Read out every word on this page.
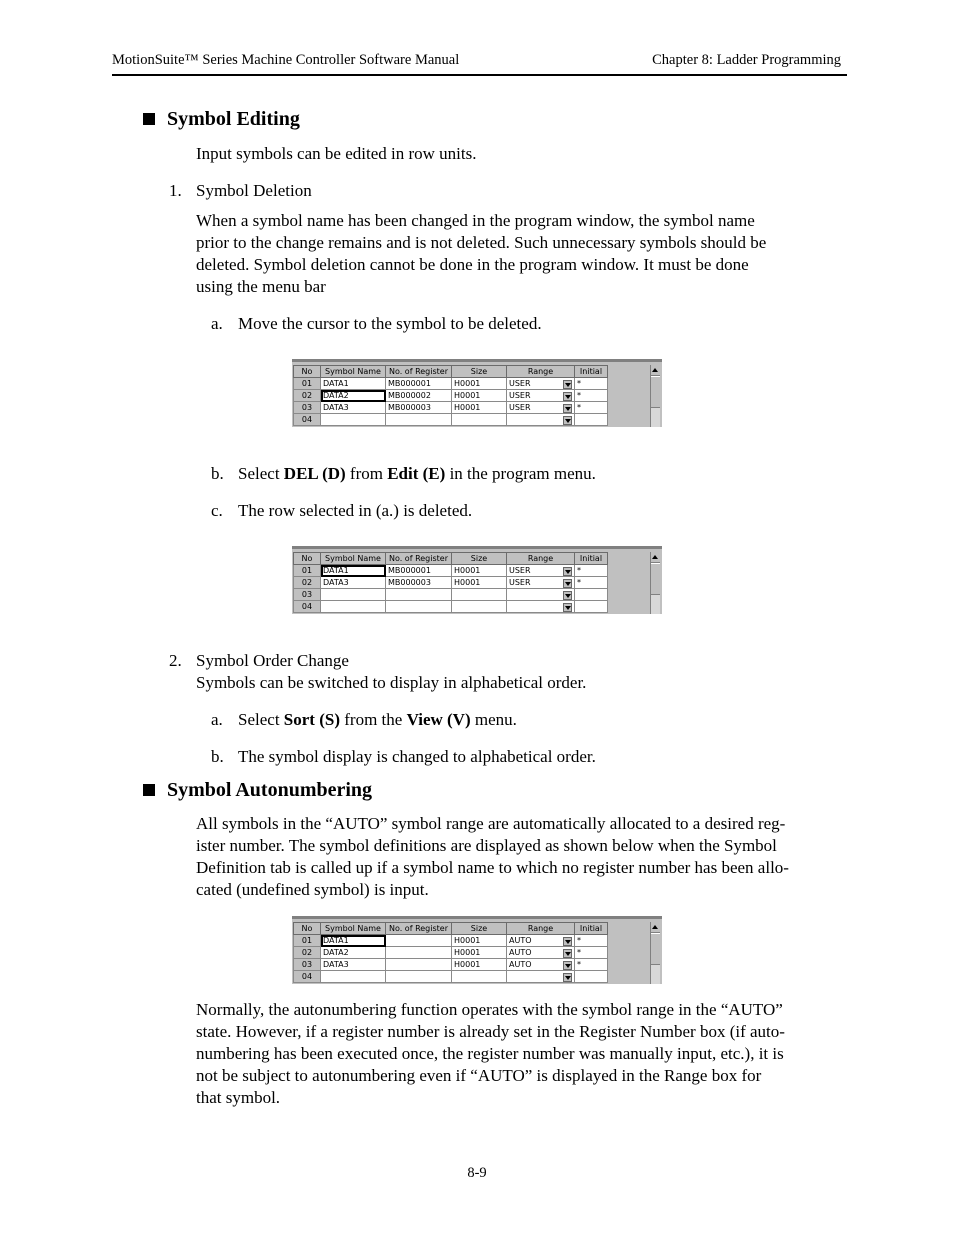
MotionSuite™ Series Machine Controller Software Manual	Chapter 8: Ladder Programming
Symbol Editing
Input symbols can be edited in row units.
1. Symbol Deletion
When a symbol name has been changed in the program window, the symbol name
prior to the change remains and is not deleted. Such unnecessary symbols should be
deleted. Symbol deletion cannot be done in the program window. It must be done
using the menu bar
a. Move the cursor to the symbol to be deleted.
No	Symbol Name	No. of Register	Size	Range	Initial
01	DATA1	MB000001	H0001	USER	*
02	DATA2	MB000002	H0001	USER	*
03	DATA3	MB000003	H0001	USER	*
04				

b. Select DEL (D) from Edit (E) in the program menu.
c. The row selected in (a.) is deleted.
No	Symbol Name	No. of Register	Size	Range	Initial
01	DATA1	MB000001	H0001	USER	*
02	DATA3	MB000003	H0001	USER	*
03				

04				

2. Symbol Order Change
Symbols can be switched to display in alphabetical order.
a. Select Sort (S) from the View (V) menu.
b. The symbol display is changed to alphabetical order.
Symbol Autonumbering
All symbols in the “AUTO” symbol range are automatically allocated to a desired reg-
ister number. The symbol definitions are displayed as shown below when the Symbol
Definition tab is called up if a symbol name to which no register number has been allo-
cated (undefined symbol) is input.
No	Symbol Name	No. of Register	Size	Range	Initial
01	DATA1		H0001	AUTO	*
02	DATA2		H0001	AUTO	*
03	DATA3		H0001	AUTO	*
04				

Normally, the autonumbering function operates with the symbol range in the “AUTO”
state. However, if a register number is already set in the Register Number box (if auto-
numbering has been executed once, the register number was manually input, etc.), it is
not be subject to autonumbering even if “AUTO” is displayed in the Range box for
that symbol.
8-9
